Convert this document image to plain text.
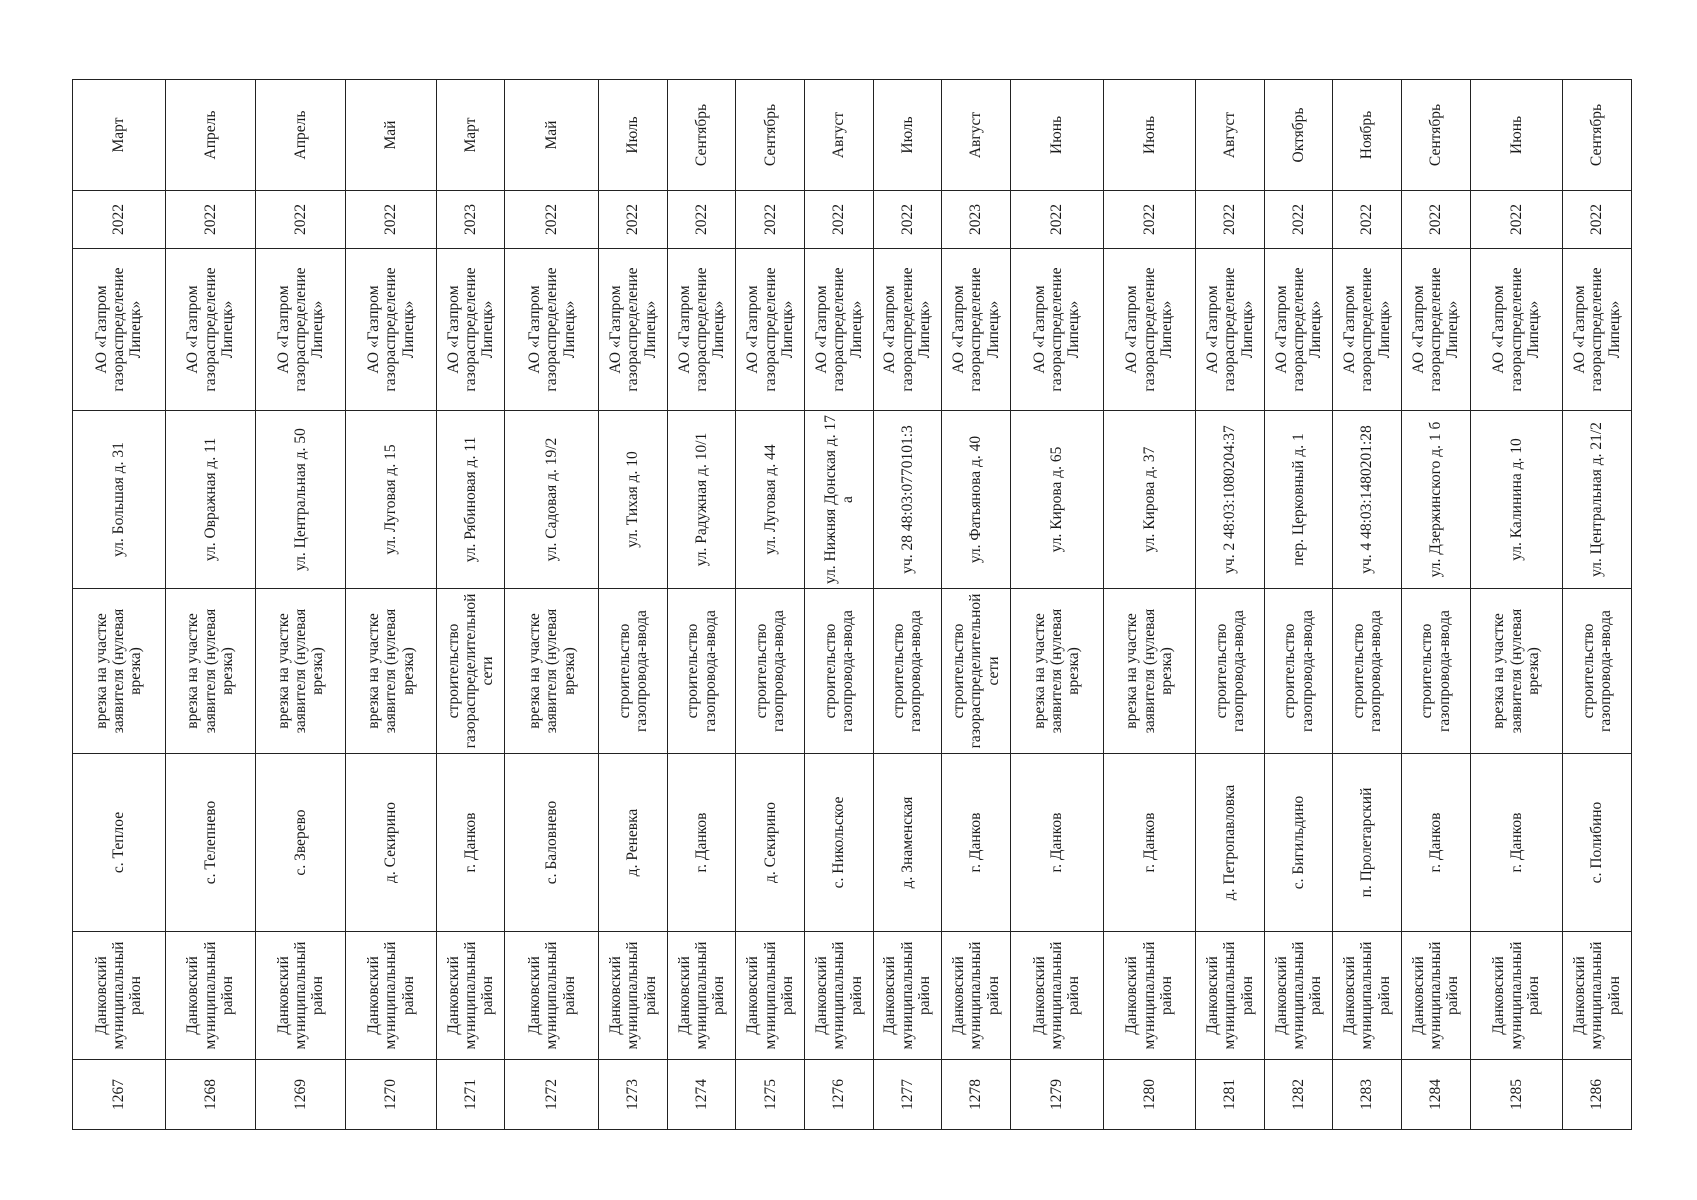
1267	Данковский муниципальный район	с. Теплое	врезка на участке заявителя (нулевая врезка)	ул. Большая д. 31	АО «Газпром газораспределение Липецк»	2022	Март
1268	Данковский муниципальный район	с. Телепнево	врезка на участке заявителя (нулевая врезка)	ул. Овражная д. 11	АО «Газпром газораспределение Липецк»	2022	Апрель
1269	Данковский муниципальный район	с. Зверево	врезка на участке заявителя (нулевая врезка)	ул. Центральная д. 50	АО «Газпром газораспределение Липецк»	2022	Апрель
1270	Данковский муниципальный район	д. Секирино	врезка на участке заявителя (нулевая врезка)	ул. Луговая д. 15	АО «Газпром газораспределение Липецк»	2022	Май
1271	Данковский муниципальный район	г. Данков	строительство газораспределительной сети	ул. Рябиновая д. 11	АО «Газпром газораспределение Липецк»	2023	Март
1272	Данковский муниципальный район	с. Баловнево	врезка на участке заявителя (нулевая врезка)	ул. Садовая д. 19/2	АО «Газпром газораспределение Липецк»	2022	Май
1273	Данковский муниципальный район	д. Реневка	строительство газопровода-ввода	ул. Тихая д. 10	АО «Газпром газораспределение Липецк»	2022	Июль
1274	Данковский муниципальный район	г. Данков	строительство газопровода-ввода	ул. Радужная д. 10/1	АО «Газпром газораспределение Липецк»	2022	Сентябрь
1275	Данковский муниципальный район	д. Секирино	строительство газопровода-ввода	ул. Луговая д. 44	АО «Газпром газораспределение Липецк»	2022	Сентябрь
1276	Данковский муниципальный район	с. Никольское	строительство газопровода-ввода	ул. Нижняя Донская д. 17 а	АО «Газпром газораспределение Липецк»	2022	Август
1277	Данковский муниципальный район	д. Знаменская	строительство газопровода-ввода	уч. 28 48:03:0770101:3	АО «Газпром газораспределение Липецк»	2022	Июль
1278	Данковский муниципальный район	г. Данков	строительство газораспределительной сети	ул. Фатьянова д. 40	АО «Газпром газораспределение Липецк»	2023	Август
1279	Данковский муниципальный район	г. Данков	врезка на участке заявителя (нулевая врезка)	ул. Кирова д. 65	АО «Газпром газораспределение Липецк»	2022	Июнь
1280	Данковский муниципальный район	г. Данков	врезка на участке заявителя (нулевая врезка)	ул. Кирова д. 37	АО «Газпром газораспределение Липецк»	2022	Июнь
1281	Данковский муниципальный район	д. Петропавловка	строительство газопровода-ввода	уч. 2 48:03:1080204:37	АО «Газпром газораспределение Липецк»	2022	Август
1282	Данковский муниципальный район	с. Бигильдино	строительство газопровода-ввода	пер. Церковный д. 1	АО «Газпром газораспределение Липецк»	2022	Октябрь
1283	Данковский муниципальный район	п. Пролетарский	строительство газопровода-ввода	уч. 4 48:03:1480201:28	АО «Газпром газораспределение Липецк»	2022	Ноябрь
1284	Данковский муниципальный район	г. Данков	строительство газопровода-ввода	ул. Дзержинского д. 1 б	АО «Газпром газораспределение Липецк»	2022	Сентябрь
1285	Данковский муниципальный район	г. Данков	врезка на участке заявителя (нулевая врезка)	ул. Калинина д. 10	АО «Газпром газораспределение Липецк»	2022	Июнь
1286	Данковский муниципальный район	с. Полибино	строительство газопровода-ввода	ул. Центральная д. 21/2	АО «Газпром газораспределение Липецк»	2022	Сентябрь
